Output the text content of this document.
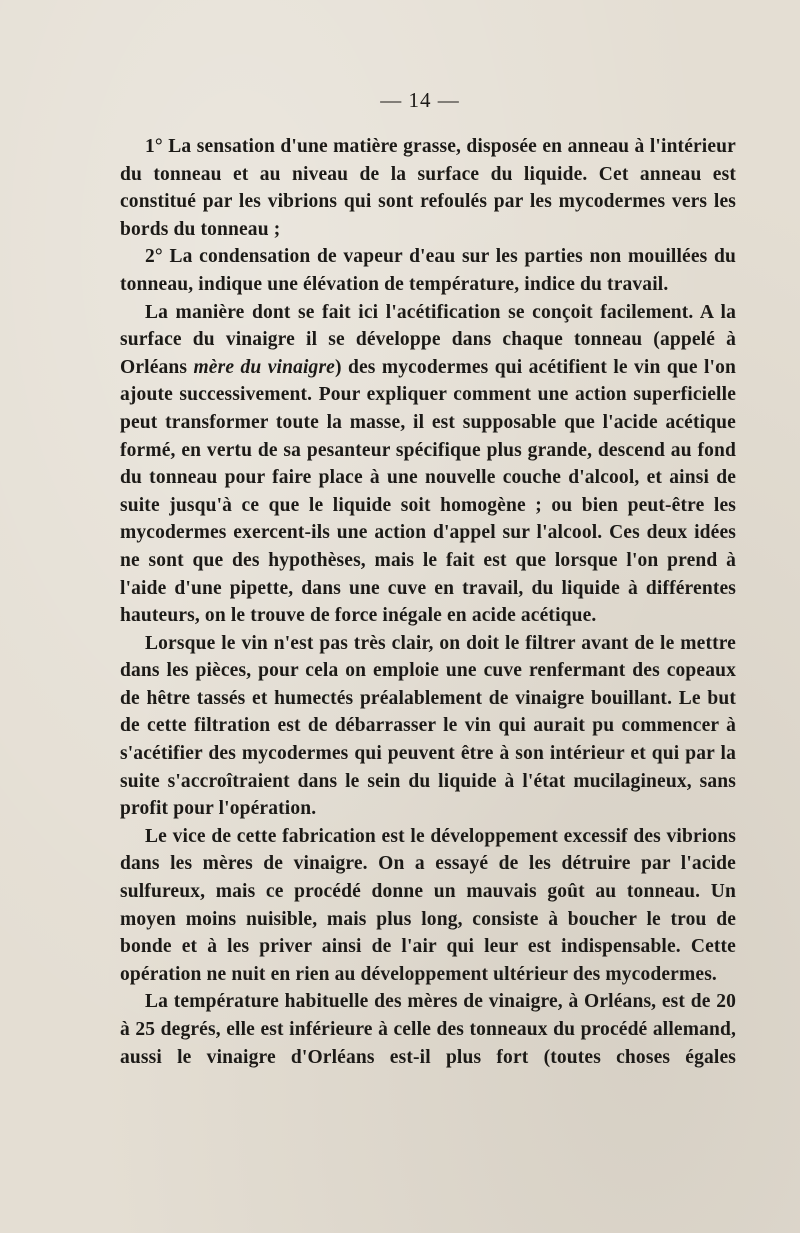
— 14 —

1° La sensation d'une matière grasse, disposée en anneau à l'intérieur du tonneau et au niveau de la surface du liquide. Cet anneau est constitué par les vibrions qui sont refoulés par les mycodermes vers les bords du tonneau ;

2° La condensation de vapeur d'eau sur les parties non mouillées du tonneau, indique une élévation de température, indice du travail.

La manière dont se fait ici l'acétification se conçoit facilement. A la surface du vinaigre il se développe dans chaque tonneau (appelé à Orléans mère du vinaigre) des mycodermes qui acétifient le vin que l'on ajoute successivement. Pour expliquer comment une action superficielle peut transformer toute la masse, il est supposable que l'acide acétique formé, en vertu de sa pesanteur spécifique plus grande, descend au fond du tonneau pour faire place à une nouvelle couche d'alcool, et ainsi de suite jusqu'à ce que le liquide soit homogène ; ou bien peut-être les mycodermes exercent-ils une action d'appel sur l'alcool. Ces deux idées ne sont que des hypothèses, mais le fait est que lorsque l'on prend à l'aide d'une pipette, dans une cuve en travail, du liquide à différentes hauteurs, on le trouve de force inégale en acide acétique.

Lorsque le vin n'est pas très clair, on doit le filtrer avant de le mettre dans les pièces, pour cela on emploie une cuve renfermant des copeaux de hêtre tassés et humectés préalablement de vinaigre bouillant. Le but de cette filtration est de débarrasser le vin qui aurait pu commencer à s'acétifier des mycodermes qui peuvent être à son intérieur et qui par la suite s'accroîtraient dans le sein du liquide à l'état mucilagineux, sans profit pour l'opération.

Le vice de cette fabrication est le développement excessif des vibrions dans les mères de vinaigre. On a essayé de les détruire par l'acide sulfureux, mais ce procédé donne un mauvais goût au tonneau. Un moyen moins nuisible, mais plus long, consiste à boucher le trou de bonde et à les priver ainsi de l'air qui leur est indispensable. Cette opération ne nuit en rien au développement ultérieur des mycodermes.

La température habituelle des mères de vinaigre, à Orléans, est de 20 à 25 degrés, elle est inférieure à celle des tonneaux du procédé allemand, aussi le vinaigre d'Orléans est-il plus fort (toutes choses égales
